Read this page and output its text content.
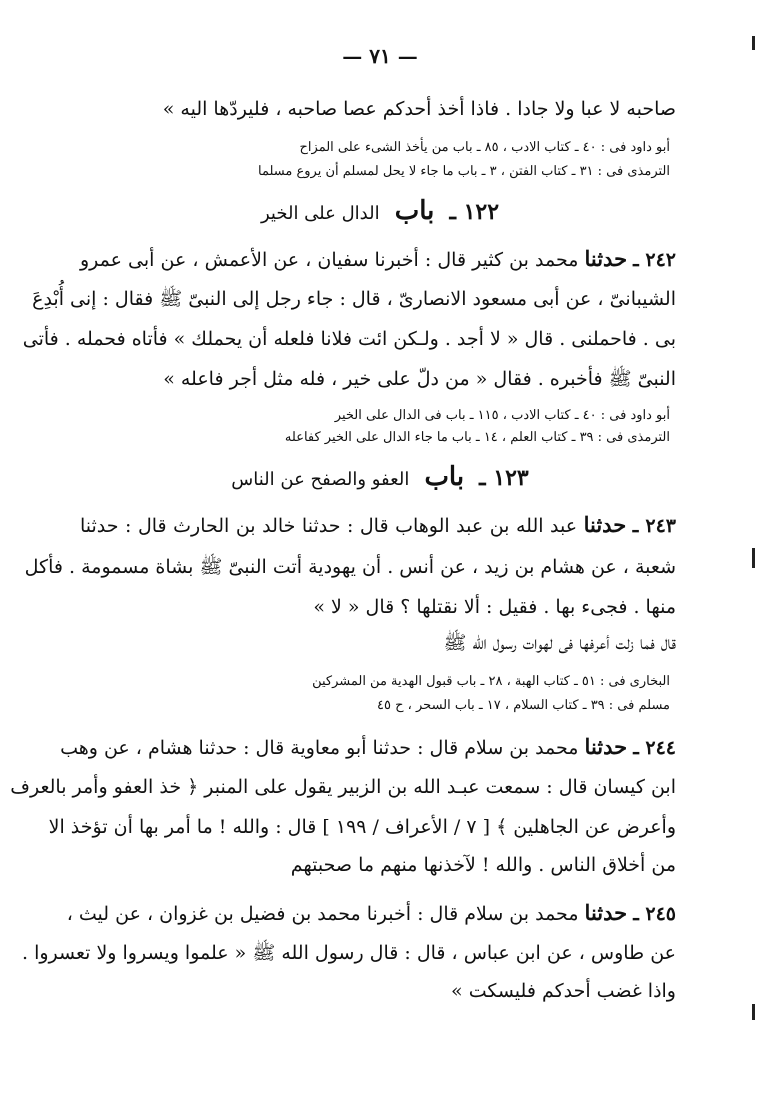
— ٧١ —
صاحبه لا عبا ولا جادا . فاذا أخذ أحدكم عصا صاحبه ، فليردّها اليه »
أبو داود فى : ٤٠ ـ كتاب الادب ، ٨٥ ـ باب من يأخذ الشىء على المزاح
الترمذى فى : ٣١ ـ كتاب الفتن ، ٣ ـ باب ما جاء لا يحل لمسلم أن يروع مسلما
١٢٢ ـ باب الدال على الخير
٢٤٢ ـ حدثنا محمد بن كثير قال : أخبرنا سفيان ، عن الأعمش ، عن أبى عمرو
الشيبانىّ ، عن أبى مسعود الانصارىّ ، قال : جاء رجل إلى النبىّ ﷺ فقال : إنى أُبْدِعَ
بى . فاحملنى . قال « لا أجد . ولـكن ائت فلانا فلعله أن يحملك » فأتاه فحمله . فأتى
النبىّ ﷺ فأخبره . فقال « من دلّ على خير ، فله مثل أجر فاعله »
أبو داود فى : ٤٠ ـ كتاب الادب ، ١١٥ ـ باب فى الدال على الخير
الترمذى فى : ٣٩ ـ كتاب العلم ، ١٤ ـ باب ما جاء الدال على الخير كفاعله
١٢٣ ـ باب العفو والصفح عن الناس
٢٤٣ ـ حدثنا عبد الله بن عبد الوهاب قال : حدثنا خالد بن الحارث قال : حدثنا
شعبة ، عن هشام بن زيد ، عن أنس . أن يهودية أتت النبىّ ﷺ بشاة مسمومة . فأكل
منها . فجىء بها . فقيل : ألا نقتلها ؟ قال « لا »
قال فما زلت أعرفها فى لهوات رسول الله ﷺ
البخارى فى : ٥١ ـ كتاب الهبة ، ٢٨ ـ باب قبول الهدية من المشركين
مسلم فى : ٣٩ ـ كتاب السلام ، ١٧ ـ باب السحر ، ح ٤٥
٢٤٤ ـ حدثنا محمد بن سلام قال : حدثنا أبو معاوية قال : حدثنا هشام ، عن وهب
ابن كيسان قال : سمعت عبـد الله بن الزبير يقول على المنبر ﴿ خذ العفو وأمر بالعرف
وأعرض عن الجاهلين ﴾ [ ٧ / الأعراف / ١٩٩ ] قال : والله ! ما أمر بها أن تؤخذ الا
من أخلاق الناس . والله ! لآخذنها منهم ما صحبتهم
٢٤٥ ـ حدثنا محمد بن سلام قال : أخبرنا محمد بن فضيل بن غزوان ، عن ليث ،
عن طاوس ، عن ابن عباس ، قال : قال رسول الله ﷺ « علموا ويسروا ولا تعسروا .
واذا غضب أحدكم فليسكت »
